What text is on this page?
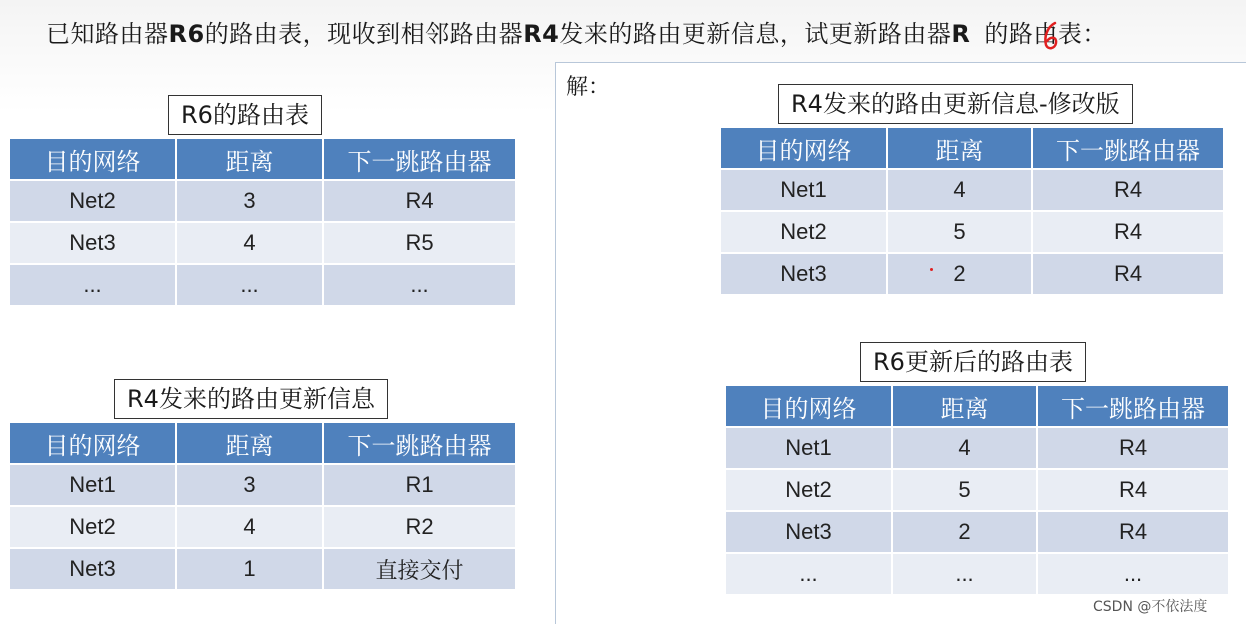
已知路由器R6的路由表，现收到相邻路由器R4发来的路由更新信息，试更新路由器R 的路由表：
R6的路由表
目的网络	距离	下一跳路由器
Net2	3	R4
Net3	4	R5
...	...	...
R4发来的路由更新信息
目的网络	距离	下一跳路由器
Net1	3	R1
Net2	4	R2
Net3	1	直接交付
解：
R4发来的路由更新信息-修改版
目的网络	距离	下一跳路由器
Net1	4	R4
Net2	5	R4
Net3	2	R4
R6更新后的路由表
目的网络	距离	下一跳路由器
Net1	4	R4
Net2	5	R4
Net3	2	R4
...	...	...
CSDN @不依法度
